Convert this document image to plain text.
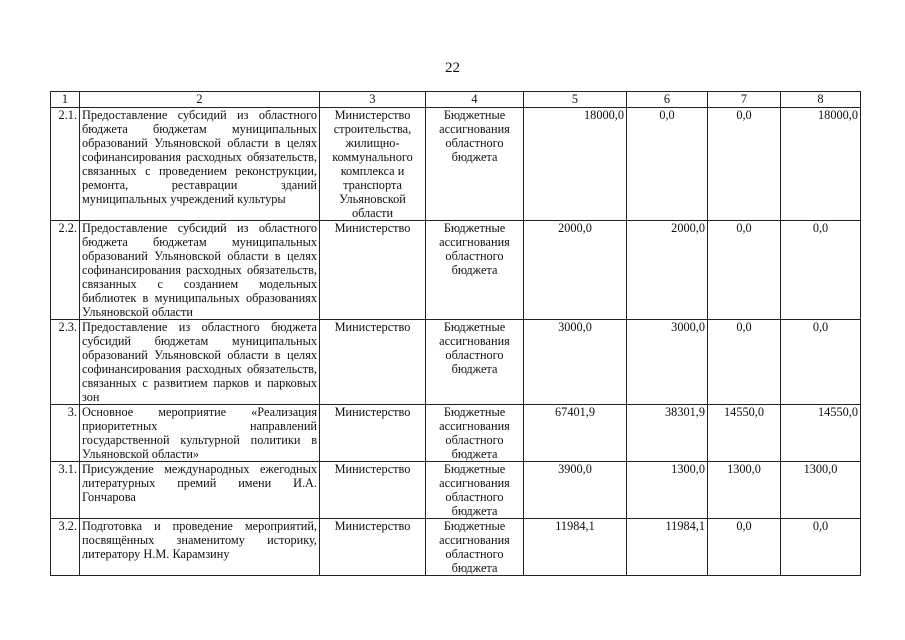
22
1	2	3	4	5	6	7	8
2.1.	Предоставление субсидий из областного бюджета бюджетам муниципальных образований Ульяновской области в целях софинансирования расходных обязательств, связанных с проведением реконструкции, ремонта, реставрации зданий муниципальных учреждений культуры	Министерство строительства, жилищно-коммунального комплекса и транспорта Ульяновской области	Бюджетные ассигнования областного бюджета	18000,0	0,0	0,0	18000,0
2.2.	Предоставление субсидий из областного бюджета бюджетам муниципальных образований Ульяновской области в целях софинансирования расходных обязательств, связанных с созданием модельных библиотек в муниципальных образованиях Ульяновской области	Министерство	Бюджетные ассигнования областного бюджета	2000,0	2000,0	0,0	0,0
2.3.	Предоставление из областного бюджета субсидий бюджетам муниципальных образований Ульяновской области в целях софинансирования расходных обязательств, связанных с развитием парков и парковых зон	Министерство	Бюджетные ассигнования областного бюджета	3000,0	3000,0	0,0	0,0
3.	Основное мероприятие «Реализация приоритетных направлений государственной культурной политики в Ульяновской области»	Министерство	Бюджетные ассигнования областного бюджета	67401,9	38301,9	14550,0	14550,0
3.1.	Присуждение международных ежегодных литературных премий имени И.А. Гончарова	Министерство	Бюджетные ассигнования областного бюджета	3900,0	1300,0	1300,0	1300,0
3.2.	Подготовка и проведение мероприятий, посвящённых знаменитому историку, литератору Н.М. Карамзину	Министерство	Бюджетные ассигнования областного бюджета	11984,1	11984,1	0,0	0,0
